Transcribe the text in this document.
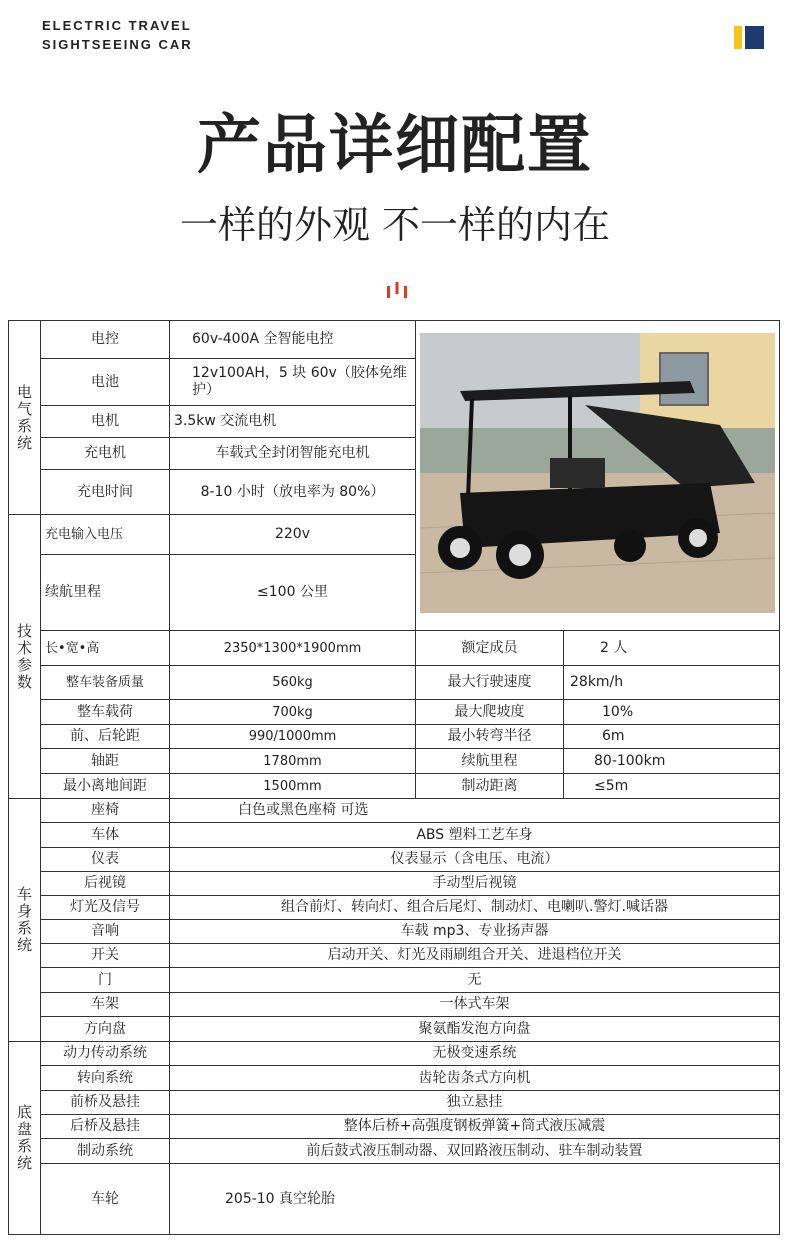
ELECTRIC TRAVEL
SIGHTSEEING CAR
产品详细配置
一样的外观 不一样的内在
电
气
系
统	电控	60v-400A 全智能电控	
	电池	12v100AH，5 块 60v（胶体免维护）		
	电机	3.5kw 交流电机		
	充电机	车载式全封闭智能充电机		
	充电时间	8-10 小时（放电率为 80%）		
技
术
参
数	充电输入电压	220v		
	续航里程	≤100 公里		
	长•宽•高	2350*1300*1900mm	额定成员	2 人
	整车装备质量	560kg	最大行驶速度	28km/h
	整车载荷	700kg	最大爬坡度	10%
	前、后轮距	990/1000mm	最小转弯半径	6m
	轴距	1780mm	续航里程	80-100km
	最小离地间距	1500mm	制动距离	≤5m
车
身
系
统	座椅	白色或黑色座椅 可选		
	车体	ABS 塑料工艺车身		
	仪表	仪表显示（含电压、电流）		
	后视镜	手动型后视镜		
	灯光及信号	组合前灯、转向灯、组合后尾灯、制动灯、电喇叭.警灯.喊话器		
	音响	车载 mp3、专业扬声器		
	开关	启动开关、灯光及雨刷组合开关、进退档位开关		
	门	无		
	车架	一体式车架		
	方向盘	聚氨酯发泡方向盘		
底
盘
系
统	动力传动系统	无极变速系统		
	转向系统	齿轮齿条式方向机		
	前桥及悬挂	独立悬挂		
	后桥及悬挂	整体后桥+高强度钢板弹簧+筒式液压减震		
	制动系统	前后鼓式液压制动器、双回路液压制动、驻车制动装置		
	车轮	205-10 真空轮胎		
